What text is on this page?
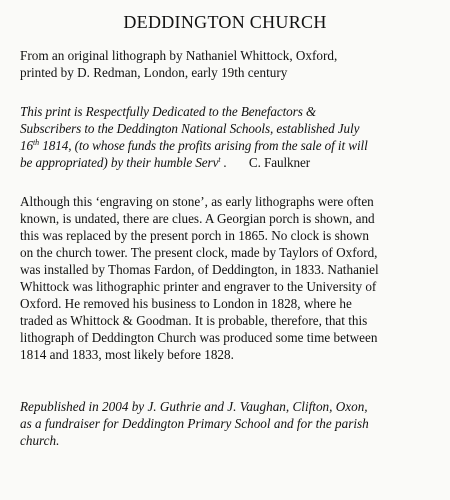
DEDDINGTON CHURCH
From an original lithograph by Nathaniel Whittock, Oxford,
printed by D. Redman, London, early 19th century
This print is Respectfully Dedicated to the Benefactors &
Subscribers to the Deddington National Schools, established July
16th 1814, (to whose funds the profits arising from the sale of it will
be appropriated) by their humble Serv$^t$ . C. Faulkner
Although this ‘engraving on stone’, as early lithographs were often
known, is undated, there are clues. A Georgian porch is shown, and
this was replaced by the present porch in 1865. No clock is shown
on the church tower. The present clock, made by Taylors of Oxford,
was installed by Thomas Fardon, of Deddington, in 1833. Nathaniel
Whittock was lithographic printer and engraver to the University of
Oxford. He removed his business to London in 1828, where he
traded as Whittock & Goodman. It is probable, therefore, that this
lithograph of Deddington Church was produced some time between
1814 and 1833, most likely before 1828.
Republished in 2004 by J. Guthrie and J. Vaughan, Clifton, Oxon,
as a fundraiser for Deddington Primary School and for the parish
church.
